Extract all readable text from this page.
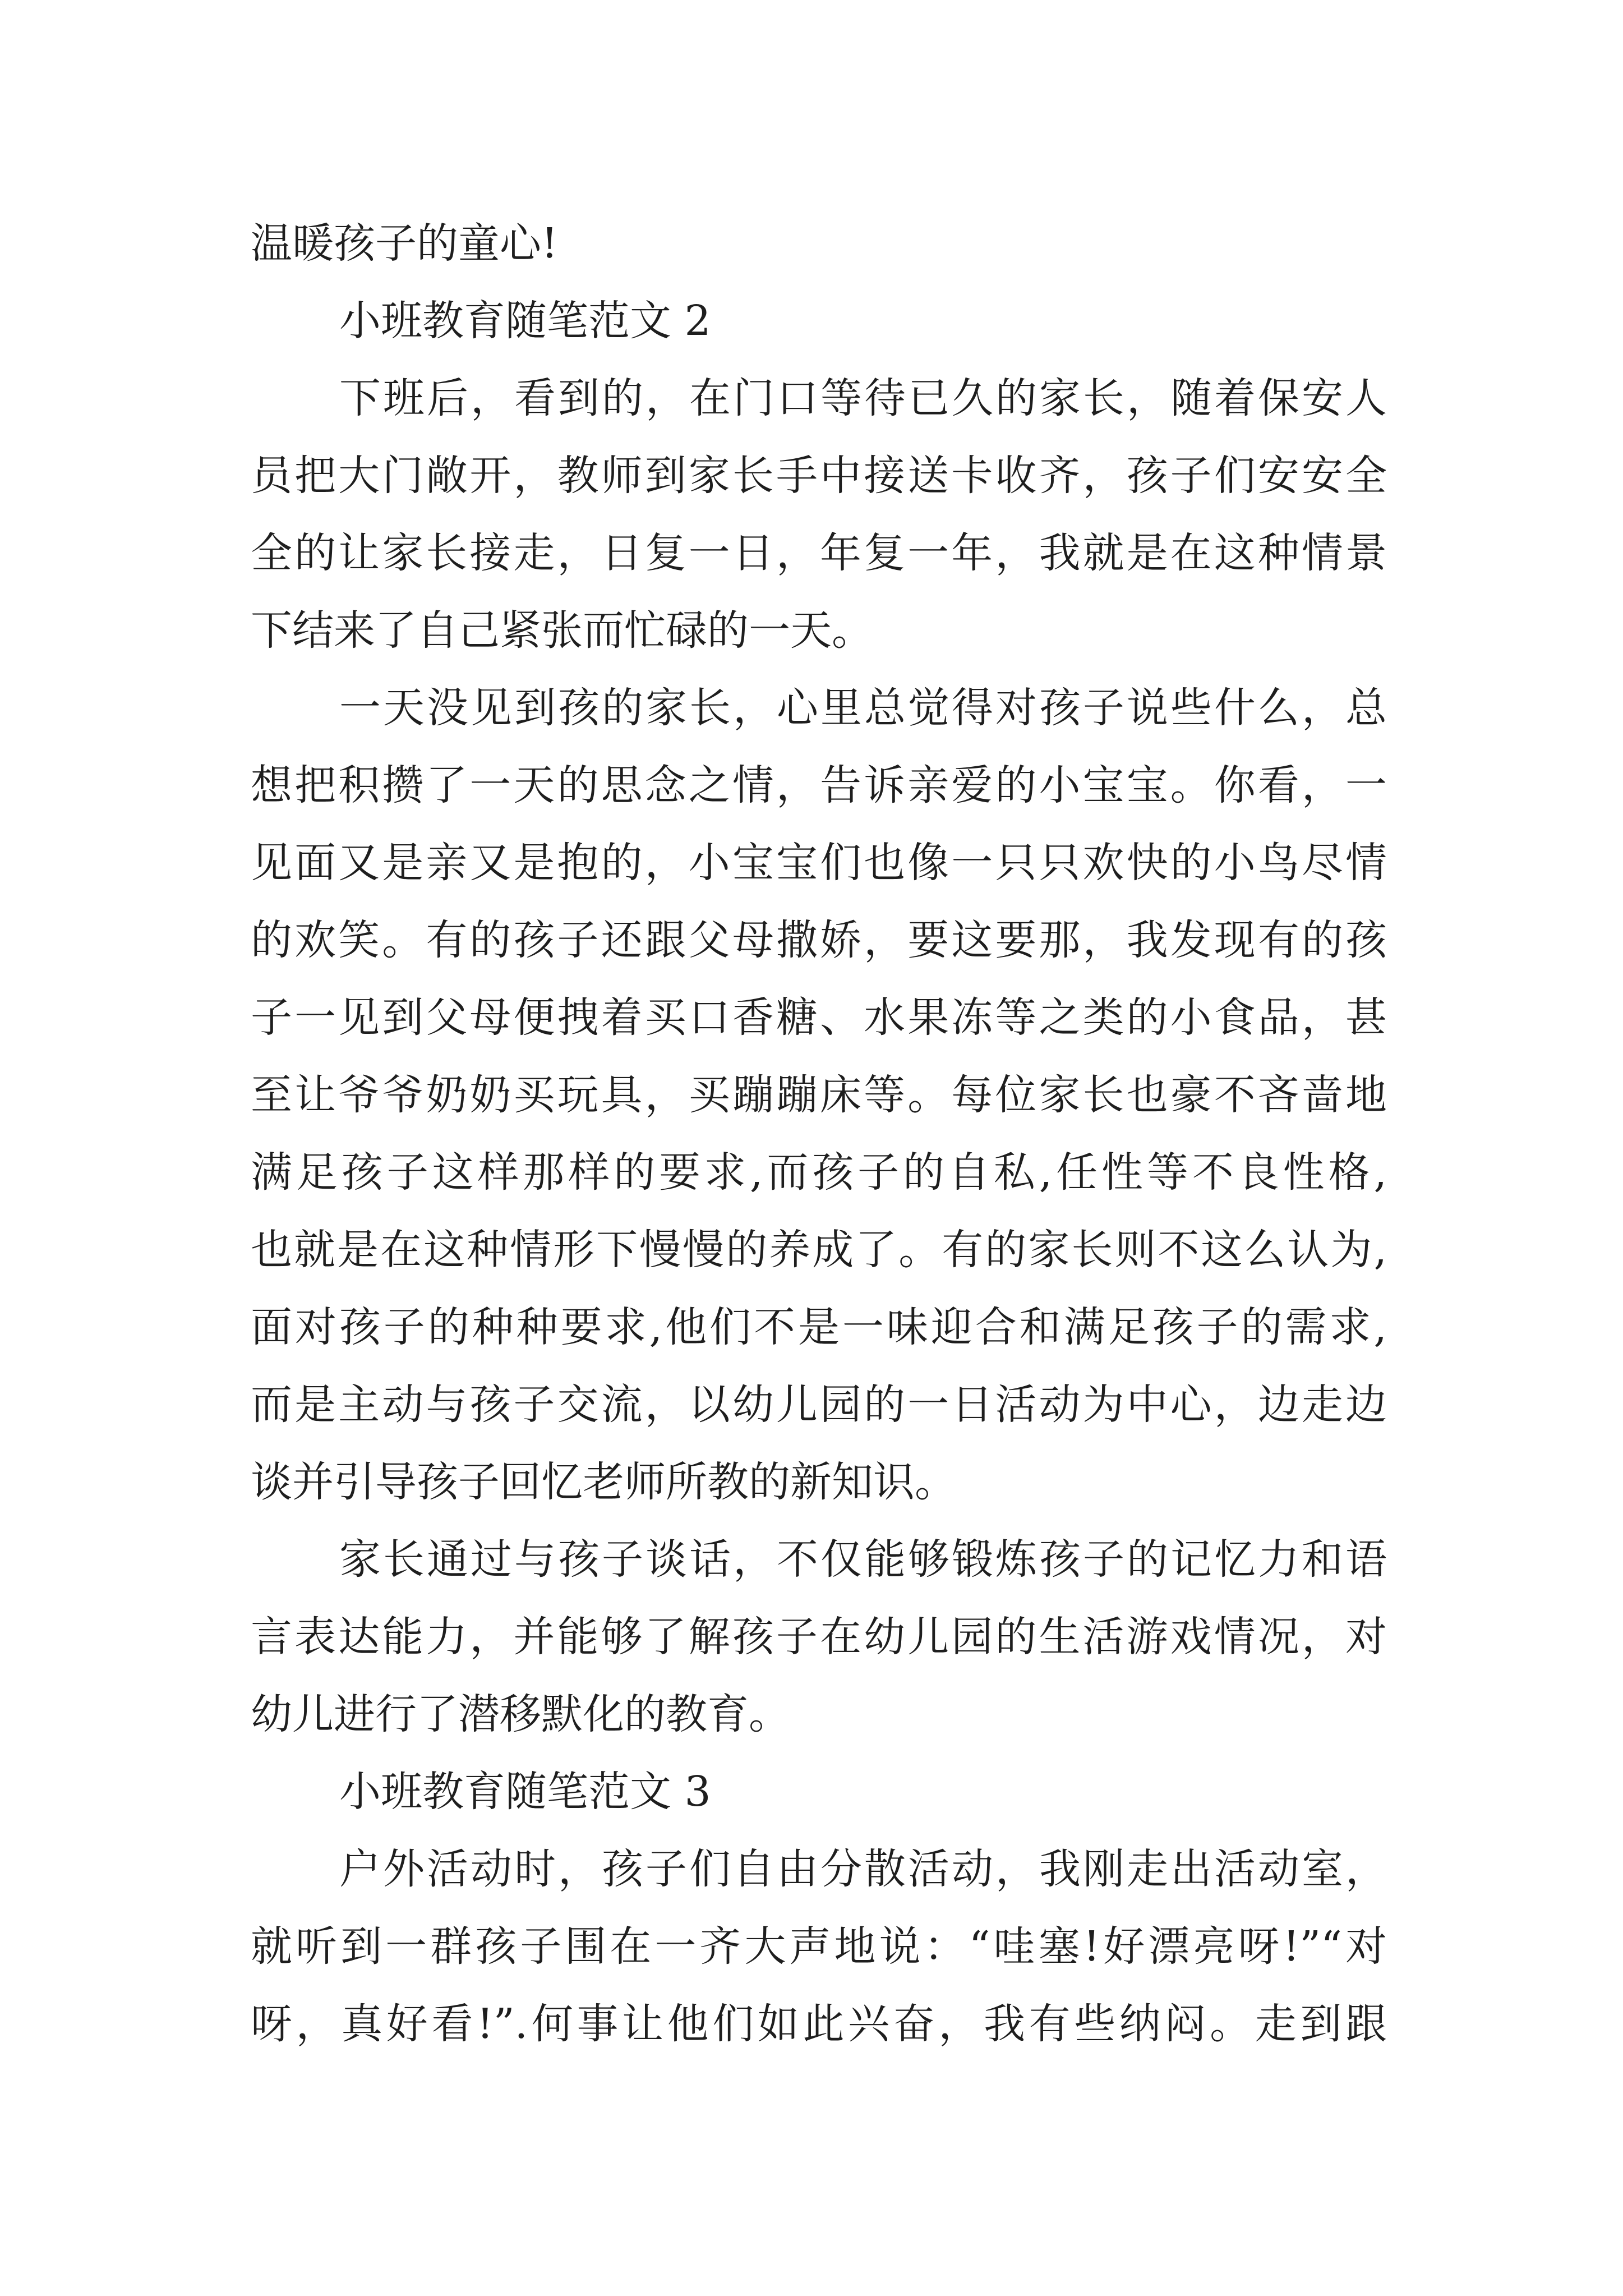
温暖孩子的童心!
小班教育随笔范文 2
下班后，看到的，在门口等待已久的家长，随着保安人
员把大门敞开，教师到家长手中接送卡收齐，孩子们安安全
全的让家长接走，日复一日，年复一年，我就是在这种情景
下结来了自己紧张而忙碌的一天。
一天没见到孩的家长，心里总觉得对孩子说些什么，总
想把积攒了一天的思念之情，告诉亲爱的小宝宝。你看，一
见面又是亲又是抱的，小宝宝们也像一只只欢快的小鸟尽情
的欢笑。有的孩子还跟父母撒娇，要这要那，我发现有的孩
子一见到父母便拽着买口香糖、水果冻等之类的小食品，甚
至让爷爷奶奶买玩具，买蹦蹦床等。每位家长也豪不吝啬地
满足孩子这样那样的要求,而孩子的自私,任性等不良性格,
也就是在这种情形下慢慢的养成了。有的家长则不这么认为,
面对孩子的种种要求,他们不是一味迎合和满足孩子的需求,
而是主动与孩子交流，以幼儿园的一日活动为中心，边走边
谈并引导孩子回忆老师所教的新知识。
家长通过与孩子谈话，不仅能够锻炼孩子的记忆力和语
言表达能力，并能够了解孩子在幼儿园的生活游戏情况，对
幼儿进行了潜移默化的教育。
小班教育随笔范文 3
户外活动时，孩子们自由分散活动，我刚走出活动室，
就听到一群孩子围在一齐大声地说：“哇塞!好漂亮呀!”“对
呀，真好看!”.何事让他们如此兴奋，我有些纳闷。走到跟
